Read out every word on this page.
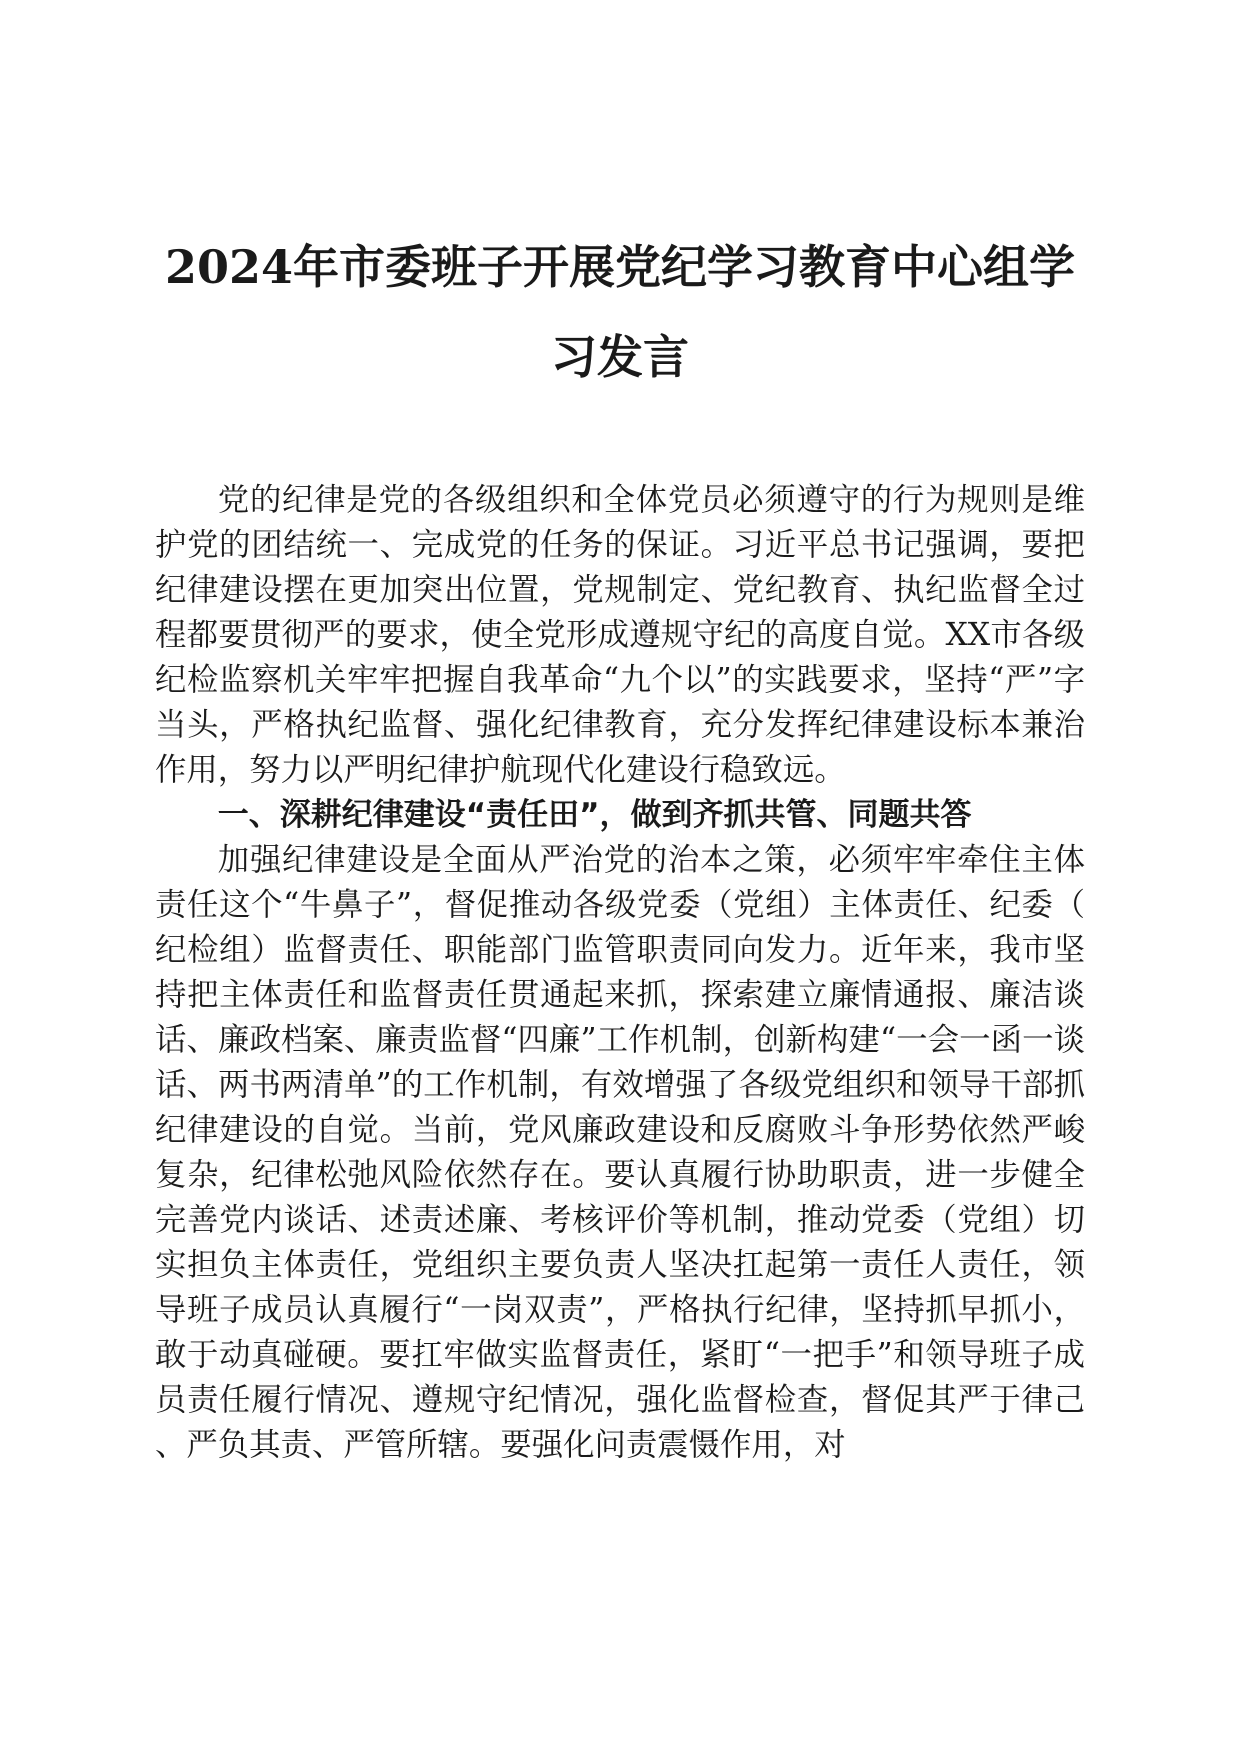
2024年市委班子开展党纪学习教育中心组学
习发言

党的纪律是党的各级组织和全体党员必须遵守的行为规则是维护党的团结统一、完成党的任务的保证。习近平总书记强调，要把纪律建设摆在更加突出位置，党规制定、党纪教育、执纪监督全过程都要贯彻严的要求，使全党形成遵规守纪的高度自觉。XX市各级纪检监察机关牢牢把握自我革命“九个以”的实践要求，坚持“严”字当头，严格执纪监督、强化纪律教育，充分发挥纪律建设标本兼治作用，努力以严明纪律护航现代化建设行稳致远。

一、深耕纪律建设“责任田”，做到齐抓共管、同题共答

加强纪律建设是全面从严治党的治本之策，必须牢牢牵住主体责任这个“牛鼻子”，督促推动各级党委（党组）主体责任、纪委（纪检组）监督责任、职能部门监管职责同向发力。近年来，我市坚持把主体责任和监督责任贯通起来抓，探索建立廉情通报、廉洁谈话、廉政档案、廉责监督“四廉”工作机制，创新构建“一会一函一谈话、两书两清单”的工作机制，有效增强了各级党组织和领导干部抓纪律建设的自觉。当前，党风廉政建设和反腐败斗争形势依然严峻复杂，纪律松弛风险依然存在。要认真履行协助职责，进一步健全完善党内谈话、述责述廉、考核评价等机制，推动党委（党组）切实担负主体责任，党组织主要负责人坚决扛起第一责任人责任，领导班子成员认真履行“一岗双责”，严格执行纪律，坚持抓早抓小，敢于动真碰硬。要扛牢做实监督责任，紧盯“一把手”和领导班子成员责任履行情况、遵规守纪情况，强化监督检查，督促其严于律己、严负其责、严管所辖。要强化问责震慑作用，对
